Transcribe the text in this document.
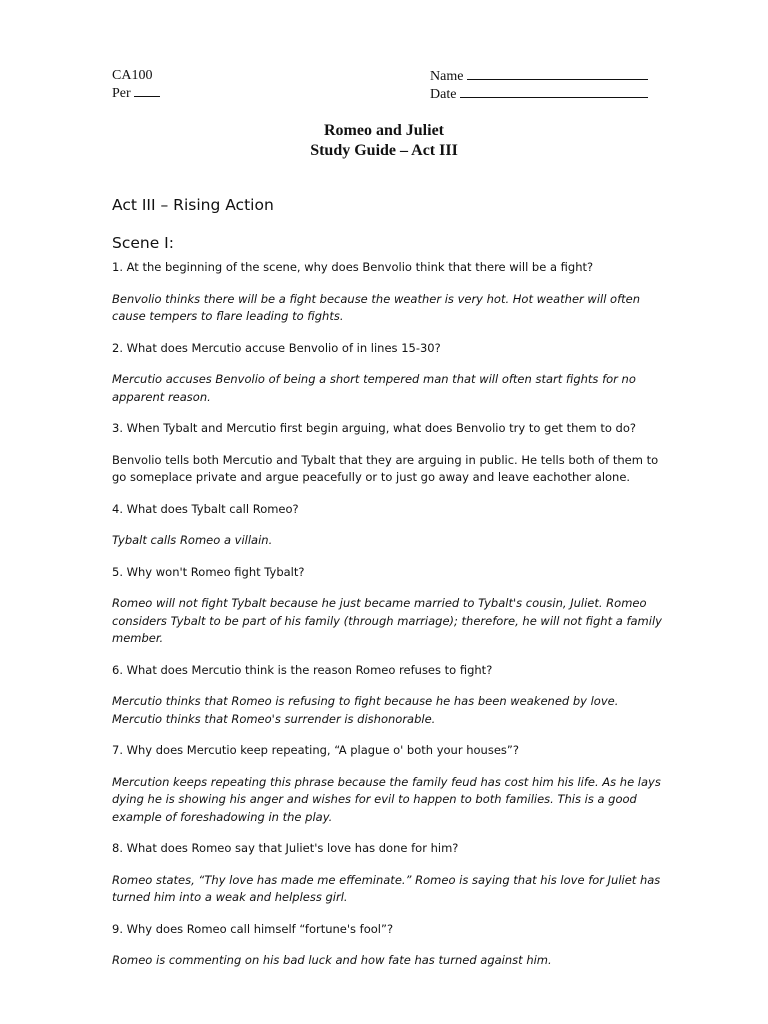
CA100
Per
Name
Date
Romeo and Juliet
Study Guide – Act III
Act III – Rising Action
Scene I:

1. At the beginning of the scene, why does Benvolio think that there will be a fight?

Benvolio thinks there will be a fight because the weather is very hot. Hot weather will often cause tempers to flare leading to fights.

2. What does Mercutio accuse Benvolio of in lines 15-30?

Mercutio accuses Benvolio of being a short tempered man that will often start fights for no apparent reason.

3. When Tybalt and Mercutio first begin arguing, what does Benvolio try to get them to do?

Benvolio tells both Mercutio and Tybalt that they are arguing in public. He tells both of them to go someplace private and argue peacefully or to just go away and leave eachother alone.

4. What does Tybalt call Romeo?

Tybalt calls Romeo a villain.

5. Why won't Romeo fight Tybalt?

Romeo will not fight Tybalt because he just became married to Tybalt's cousin, Juliet. Romeo considers Tybalt to be part of his family (through marriage); therefore, he will not fight a family member.

6. What does Mercutio think is the reason Romeo refuses to fight?

Mercutio thinks that Romeo is refusing to fight because he has been weakened by love. Mercutio thinks that Romeo's surrender is dishonorable.

7. Why does Mercutio keep repeating, “A plague o' both your houses”?

Mercution keeps repeating this phrase because the family feud has cost him his life. As he lays dying he is showing his anger and wishes for evil to happen to both families. This is a good example of foreshadowing in the play.

8. What does Romeo say that Juliet's love has done for him?

Romeo states, “Thy love has made me effeminate.” Romeo is saying that his love for Juliet has turned him into a weak and helpless girl.

9. Why does Romeo call himself “fortune's fool”?

Romeo is commenting on his bad luck and how fate has turned against him.
